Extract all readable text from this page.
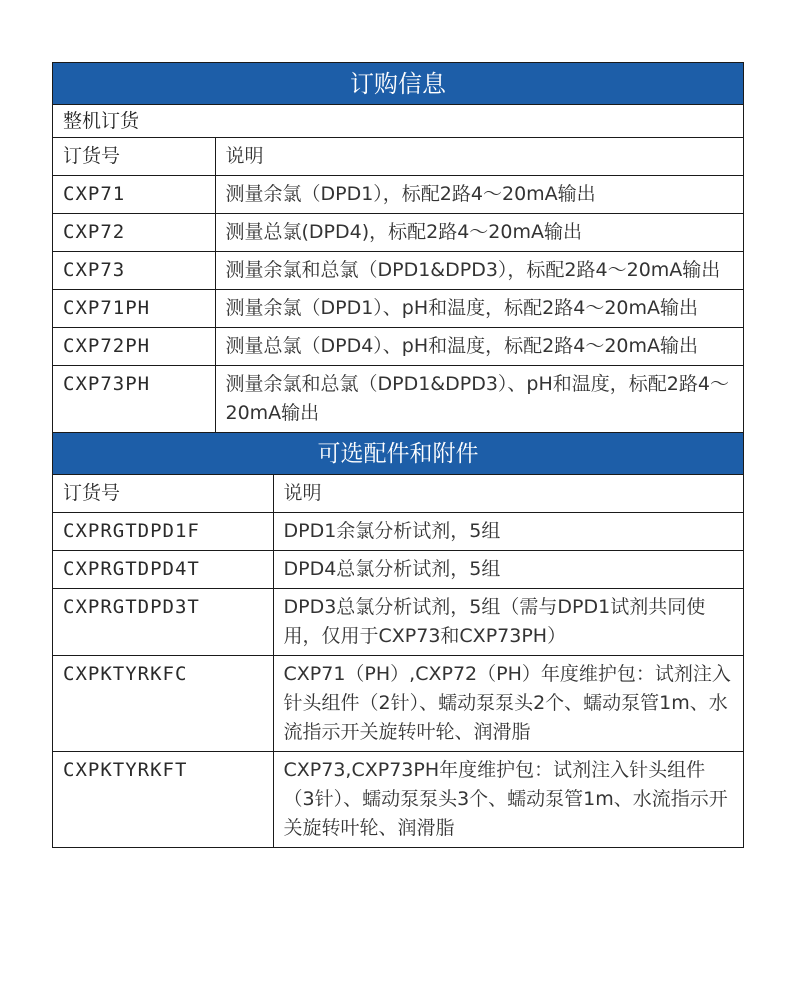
订购信息
整机订货
订货号	说明
CXP71	测量余氯（DPD1），标配2路4～20mA输出
CXP72	测量总氯(DPD4)，标配2路4～20mA输出
CXP73	测量余氯和总氯（DPD1&DPD3），标配2路4～20mA输出
CXP71PH	测量余氯（DPD1）、pH和温度，标配2路4～20mA输出
CXP72PH	测量总氯（DPD4）、pH和温度，标配2路4～20mA输出
CXP73PH	测量余氯和总氯（DPD1&DPD3）、pH和温度，标配2路4～20mA输出
可选配件和附件
订货号	说明
CXPRGTDPD1F	DPD1余氯分析试剂，5组
CXPRGTDPD4T	DPD4总氯分析试剂，5组
CXPRGTDPD3T	DPD3总氯分析试剂，5组（需与DPD1试剂共同使用，仅用于CXP73和CXP73PH）
CXPKTYRKFC	CXP71（PH）,CXP72（PH）年度维护包：试剂注入针头组件（2针）、蠕动泵泵头2个、蠕动泵管1m、水流指示开关旋转叶轮、润滑脂
CXPKTYRKFT	CXP73,CXP73PH年度维护包：试剂注入针头组件（3针）、蠕动泵泵头3个、蠕动泵管1m、水流指示开关旋转叶轮、润滑脂
